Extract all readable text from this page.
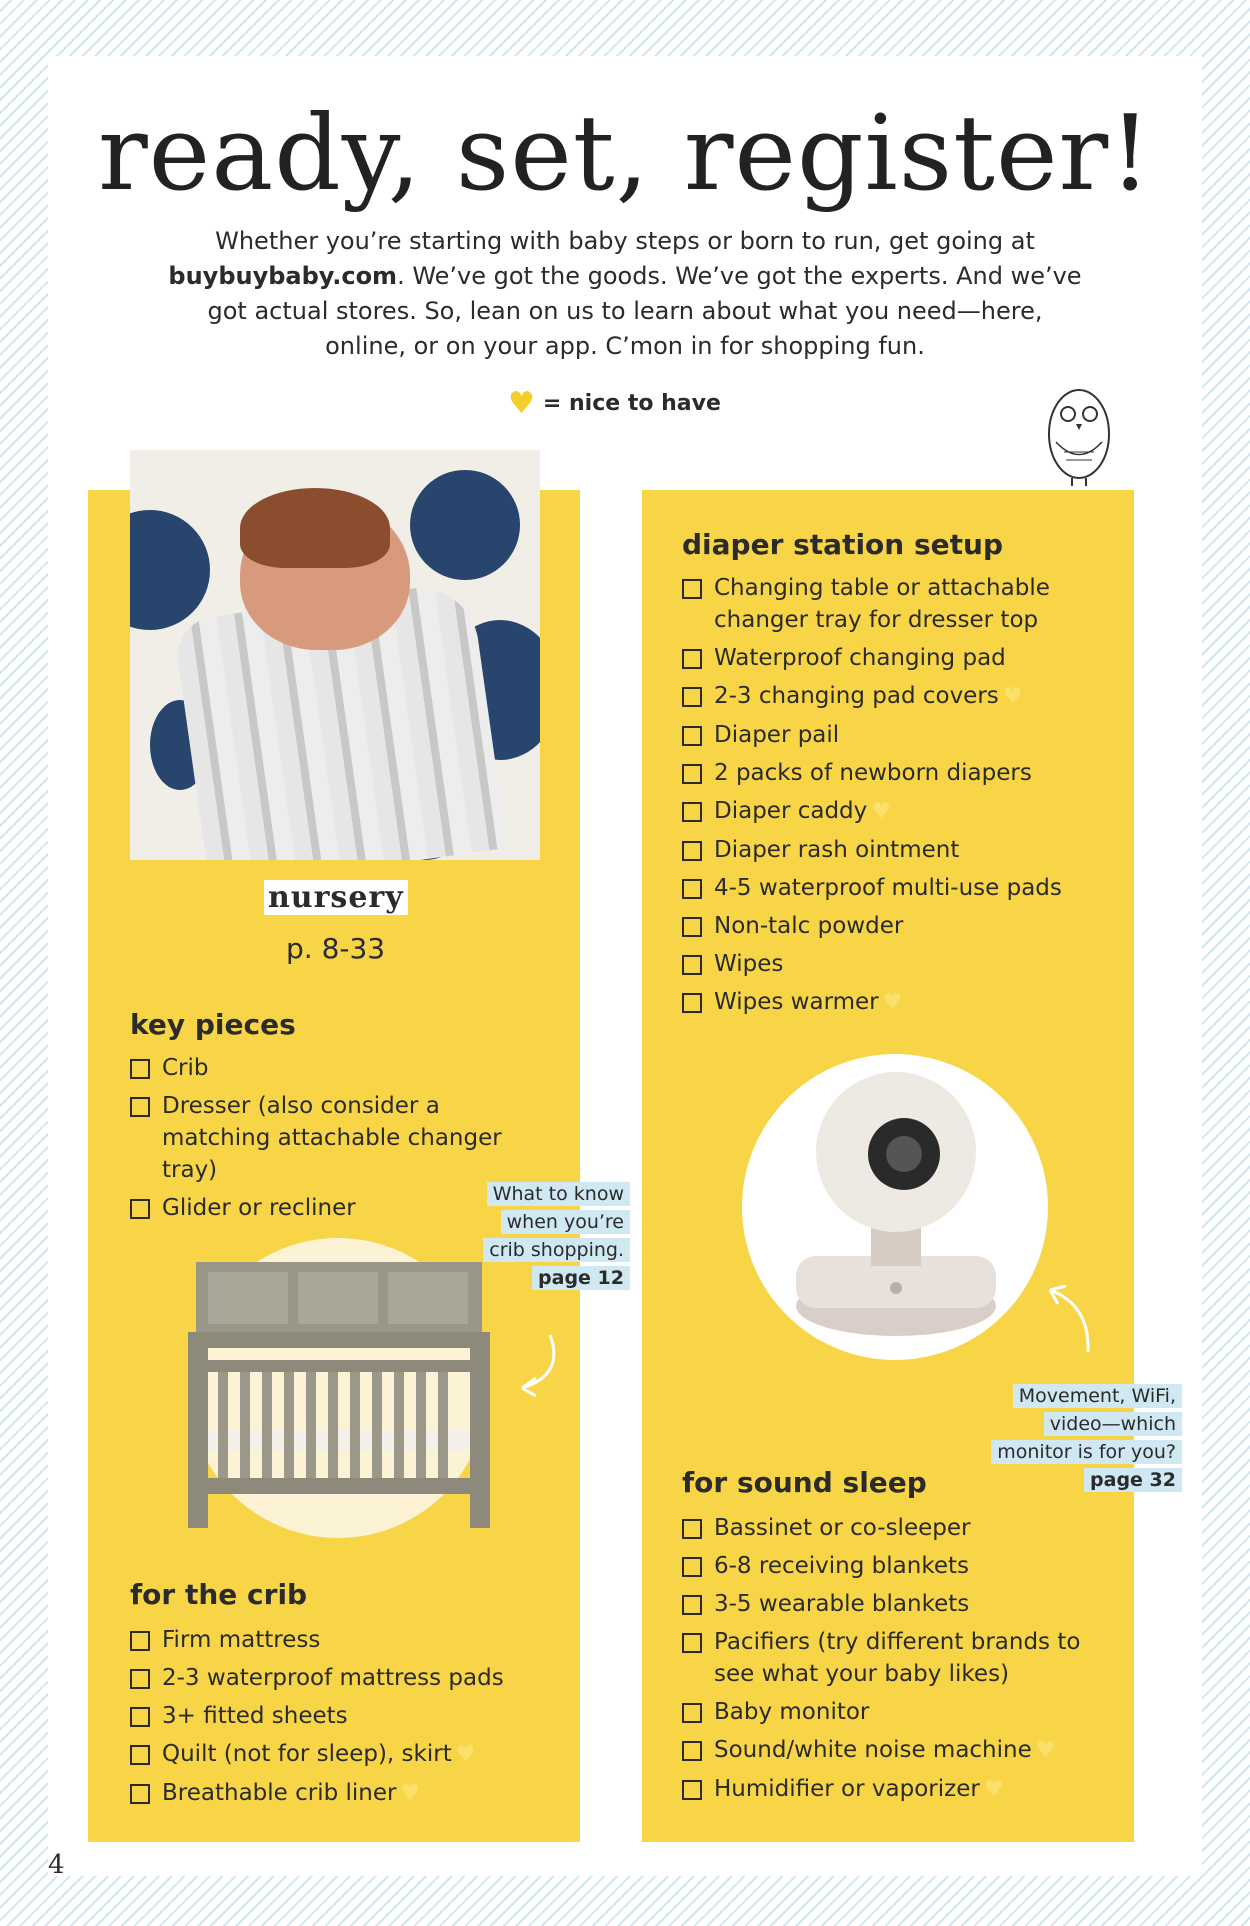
ready, set, register!

Whether you’re starting with baby steps or born to run, get going at
buybuybaby.com. We’ve got the goods. We’ve got the experts. And we’ve
got actual stores. So, lean on us to learn about what you need—here,
online, or on your app. C’mon in for shopping fun.

♥ = nice to have
nursery
p. 8-33
key pieces
Crib
Dresser (also consider a matching attachable changer tray)
Glider or recliner
What to know
when you’re
crib shopping.
page 12
for the crib
Firm mattress
2-3 waterproof mattress pads
3+ fitted sheets
Quilt (not for sleep), skirt ♥
Breathable crib liner ♥
diaper station setup
Changing table or attachable changer tray for dresser top
Waterproof changing pad
2-3 changing pad covers ♥
Diaper pail
2 packs of newborn diapers
Diaper caddy ♥
Diaper rash ointment
4-5 waterproof multi-use pads
Non-talc powder
Wipes
Wipes warmer ♥
Movement, WiFi,
video—which
monitor is for you?
page 32
for sound sleep
Bassinet or co-sleeper
6-8 receiving blankets
3-5 wearable blankets
Pacifiers (try different brands to see what your baby likes)
Baby monitor
Sound/white noise machine ♥
Humidifier or vaporizer ♥
4
